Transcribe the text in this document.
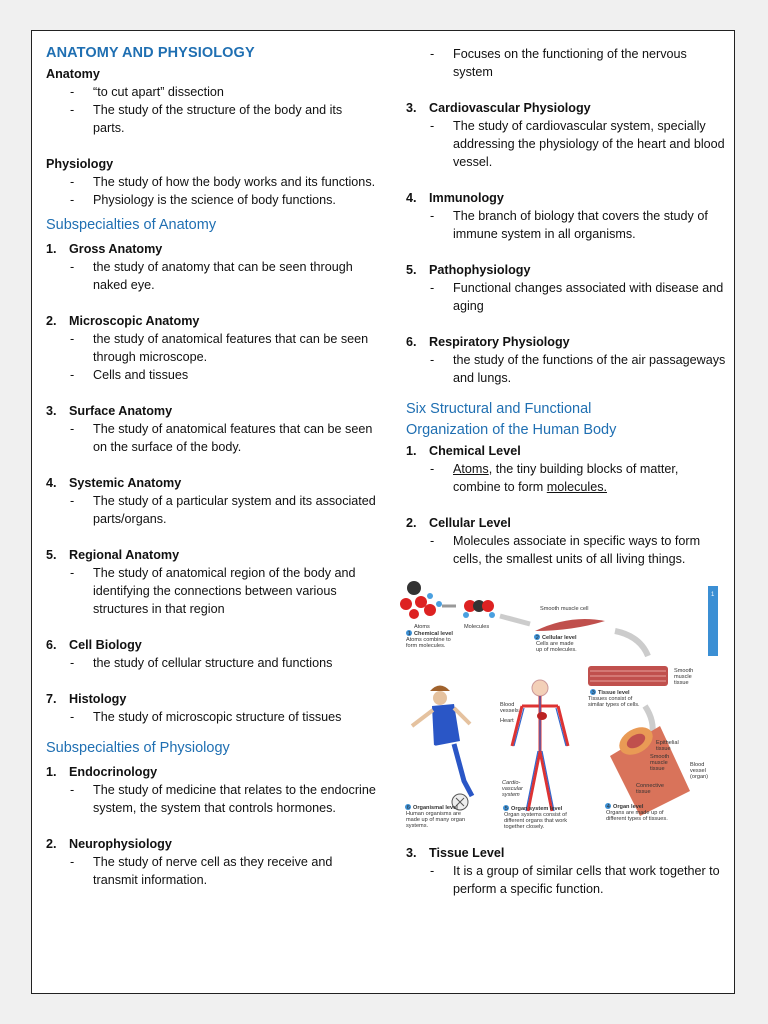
ANATOMY AND PHYSIOLOGY
Anatomy
- “to cut apart” dissection
- The study of the structure of the body and its parts.
Physiology
- The study of how the body works and its functions.
- Physiology is the science of body functions.
Subspecialties of Anatomy
1. Gross Anatomy
- the study of anatomy that can be seen through naked eye.
2. Microscopic Anatomy
- the study of anatomical features that can be seen through microscope.
- Cells and tissues
3. Surface Anatomy
- The study of anatomical features that can be seen on the surface of the body.
4. Systemic Anatomy
- The study of a particular system and its associated parts/organs.
5. Regional Anatomy
- The study of anatomical region of the body and identifying the connections between various structures in that region
6. Cell Biology
- the study of cellular structure and functions
7. Histology
- The study of microscopic structure of tissues
Subspecialties of Physiology
1. Endocrinology
- The study of medicine that relates to the endocrine system, the system that controls hormones.
2. Neurophysiology
- The study of nerve cell as they receive and transmit information.
- Focuses on the functioning of the nervous system
3. Cardiovascular Physiology
- The study of cardiovascular system, specially addressing the physiology of the heart and blood vessel.
4. Immunology
- The branch of biology that covers the study of immune system in all organisms.
5. Pathophysiology
- Functional changes associated with disease and aging
6. Respiratory Physiology
- the study of the functions of the air passageways and lungs.
Six Structural and Functional
Organization of the Human Body
1. Chemical Level
- Atoms, the tiny building blocks of matter, combine to form molecules.
2. Cellular Level
- Molecules associate in specific ways to form cells, the smallest units of all living things.
1
Atoms	Molecules
1 Chemical level
Atoms combine to
form molecules.
Smooth muscle cell
2 Cellular level
Cells are made
up of molecules.
Smooth
muscle
tissue
3 Tissue level
Tissues consist of
similar types of cells.
Epithelial
tissue
Smooth
muscle
tissue
Blood
vessel
(organ)
Connective
tissue
4 Organ level
Organs are made up of
different types of tissues.
Blood
vessels
Heart
Cardio-
vascular
system
5 Organ system level
Organ systems consist of
different organs that work
together closely.
6 Organismal level
Human organisms are
made up of many organ
systems.
3. Tissue Level
- It is a group of similar cells that work together to perform a specific function.
